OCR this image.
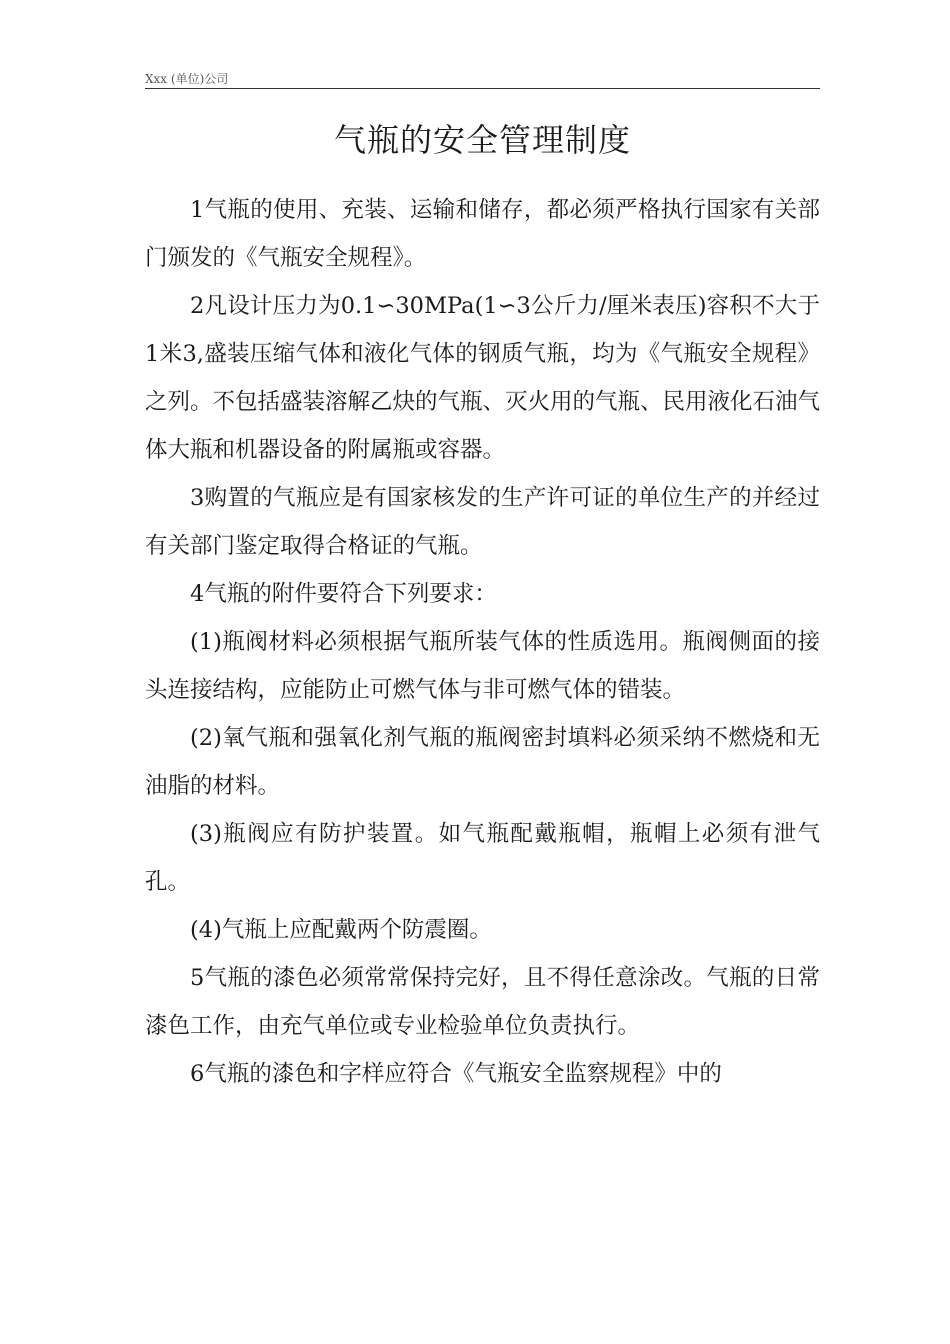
Xxx (单位)公司
气瓶的安全管理制度

1气瓶的使用、充装、运输和储存，都必须严格执行国家有关部门颁发的《气瓶安全规程》。

2凡设计压力为0.1∽30MPa(1∽3公斤力/厘米表压)容积不大于1米3,盛装压缩气体和液化气体的钢质气瓶，均为《气瓶安全规程》之列。不包括盛装溶解乙炔的气瓶、灭火用的气瓶、民用液化石油气体大瓶和机器设备的附属瓶或容器。

3购置的气瓶应是有国家核发的生产许可证的单位生产的并经过有关部门鉴定取得合格证的气瓶。

4气瓶的附件要符合下列要求：

(1)瓶阀材料必须根据气瓶所装气体的性质选用。瓶阀侧面的接头连接结构，应能防止可燃气体与非可燃气体的错装。

(2)氧气瓶和强氧化剂气瓶的瓶阀密封填料必须采纳不燃烧和无油脂的材料。

(3)瓶阀应有防护装置。如气瓶配戴瓶帽，瓶帽上必须有泄气孔。

(4)气瓶上应配戴两个防震圈。

5气瓶的漆色必须常常保持完好，且不得任意涂改。气瓶的日常漆色工作，由充气单位或专业检验单位负责执行。

6气瓶的漆色和字样应符合《气瓶安全监察规程》中的
